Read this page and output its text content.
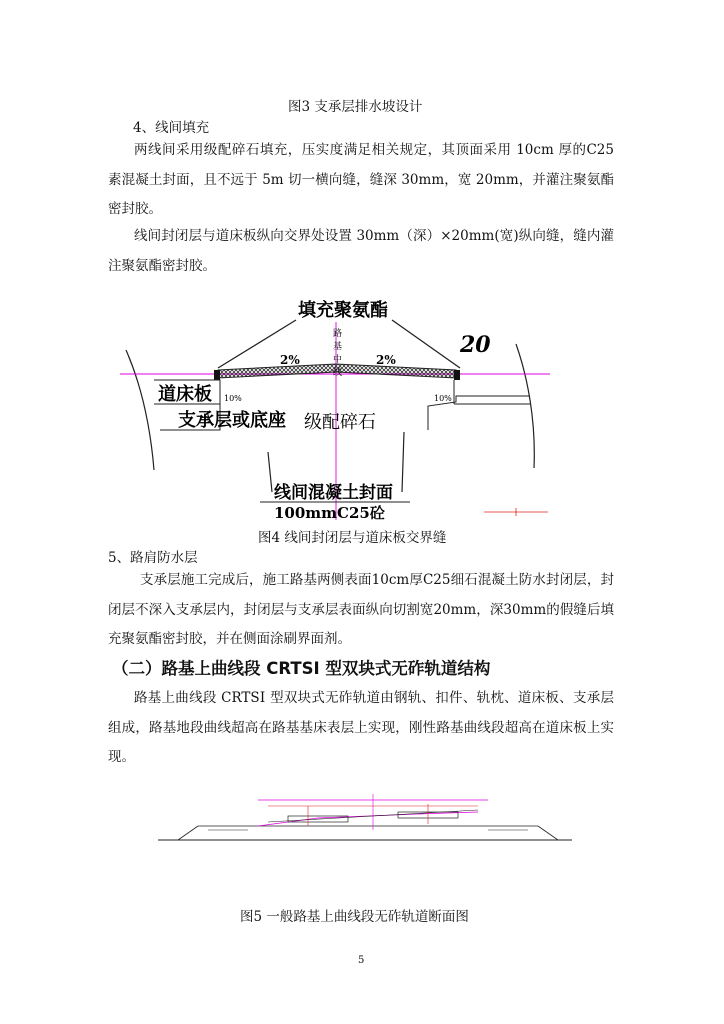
图3 支承层排水坡设计
4、线间填充
两线间采用级配碎石填充，压实度满足相关规定，其顶面采用 10cm 厚的C25 素混凝土封面，且不远于 5m 切一横向缝，缝深 30mm，宽 20mm，并灌注聚氨酯密封胶。
线间封闭层与道床板纵向交界处设置 30mm（深）×20mm(宽)纵向缝，缝内灌注聚氨酯密封胶。
填充聚氨酯
20
路基中线
2%	2%
道床板 10%	10%
支承层或底座 级配碎石
线间混凝土封面
100mmC25砼
图4 线间封闭层与道床板交界缝
5、路肩防水层
支承层施工完成后，施工路基两侧表面10cm厚C25细石混凝土防水封闭层，封闭层不深入支承层内，封闭层与支承层表面纵向切割宽20mm，深30mm的假缝后填充聚氨酯密封胶，并在侧面涂刷界面剂。
（二）路基上曲线段 CRTSI 型双块式无砟轨道结构
路基上曲线段 CRTSⅠ 型双块式无砟轨道由钢轨、扣件、轨枕、道床板、支承层组成，路基地段曲线超高在路基基床表层上实现，刚性路基曲线段超高在道床板上实现。
图5 一般路基上曲线段无砟轨道断面图
5
